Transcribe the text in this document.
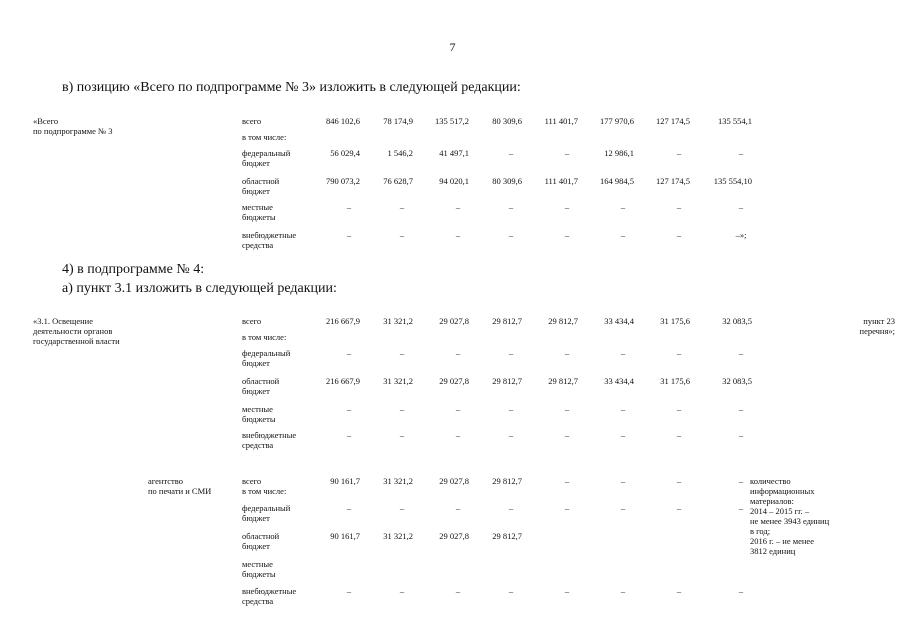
7
в) позицию «Всего по подпрограмме № 3» изложить в следующей редакции:
«Всего
по подпрограмме № 3
всего	846 102,6	78 174,9	135 517,2	80 309,6	111 401,7	177 970,6	127 174,5	135 554,1
в том числе:
федеральный
бюджет
56 029,4	1 546,2	41 497,1	–	–	12 986,1	–	–
областной
бюджет
790 073,2	76 628,7	94 020,1	80 309,6	111 401,7	164 984,5	127 174,5	135 554,10
местные
бюджеты
–	–	–	–	–	–	–	–
внебюджетные
средства
–	–	–	–	–	–	–	–»;
4) в подпрограмме № 4:
а) пункт 3.1 изложить в следующей редакции:
«3.1. Освещение
деятельности органов
государственной власти
пункт 23
перечня»;
всего	216 667,9	31 321,2	29 027,8	29 812,7	29 812,7	33 434,4	31 175,6	32 083,5
в том числе:
федеральный
бюджет
–	–	–	–	–	–	–	–
областной
бюджет
216 667,9	31 321,2	29 027,8	29 812,7	29 812,7	33 434,4	31 175,6	32 083,5
местные
бюджеты
–	–	–	–	–	–	–	–
внебюджетные
средства
–	–	–	–	–	–	–	–
агентство
по печати и СМИ
количество
информационных
материалов:
2014 – 2015 гг. –
не менее 3943 единиц
в год;
2016 г. – не менее
3812 единиц
всего
в том числе:
90 161,7	31 321,2	29 027,8	29 812,7	–	–	–	–
федеральный
бюджет
–	–	–	–	–	–	–	–
областной
бюджет
90 161,7	31 321,2	29 027,8	29 812,7
местные
бюджеты
внебюджетные
средства
–	–	–	–	–	–	–	–
